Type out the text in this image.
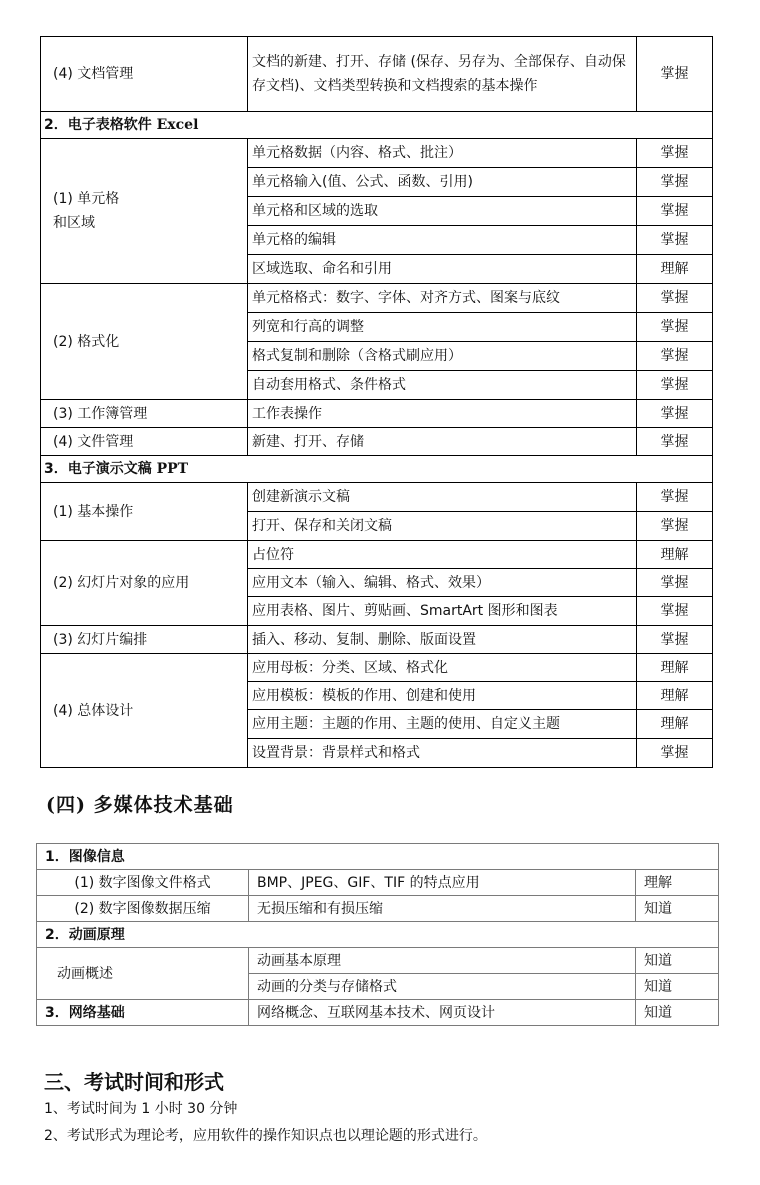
(4) 文档管理	文档的新建、打开、存储 (保存、另存为、全部保存、自动保存文档)、文档类型转换和文档搜索的基本操作	掌握
2．电子表格软件 Excel		
(1) 单元格
和区域	单元格数据（内容、格式、批注）	掌握
	单元格输入(值、公式、函数、引用)	掌握
	单元格和区域的选取	掌握
	单元格的编辑	掌握
	区域选取、命名和引用	理解
(2) 格式化	单元格格式：数字、字体、对齐方式、图案与底纹	掌握
	列宽和行高的调整	掌握
	格式复制和删除（含格式刷应用）	掌握
	自动套用格式、条件格式	掌握
(3) 工作簿管理	工作表操作	掌握
(4) 文件管理	新建、打开、存储	掌握
3．电子演示文稿 PPT		
(1) 基本操作	创建新演示文稿	掌握
	打开、保存和关闭文稿	掌握
(2) 幻灯片对象的应用	占位符	理解
	应用文本（输入、编辑、格式、效果）	掌握
	应用表格、图片、剪贴画、SmartArt 图形和图表	掌握
(3) 幻灯片编排	插入、移动、复制、删除、版面设置	掌握
(4) 总体设计	应用母板：分类、区域、格式化	理解
	应用模板：模板的作用、创建和使用	理解
	应用主题：主题的作用、主题的使用、自定义主题	理解
	设置背景：背景样式和格式	掌握
(四) 多媒体技术基础
1．图像信息		
(1) 数字图像文件格式	BMP、JPEG、GIF、TIF 的特点应用	理解
(2) 数字图像数据压缩	无损压缩和有损压缩	知道
2．动画原理		
动画概述	动画基本原理	知道
	动画的分类与存储格式	知道
3．网络基础	网络概念、互联网基本技术、网页设计	知道
三、考试时间和形式
1、考试时间为 1 小时 30 分钟
2、考试形式为理论考，应用软件的操作知识点也以理论题的形式进行。
